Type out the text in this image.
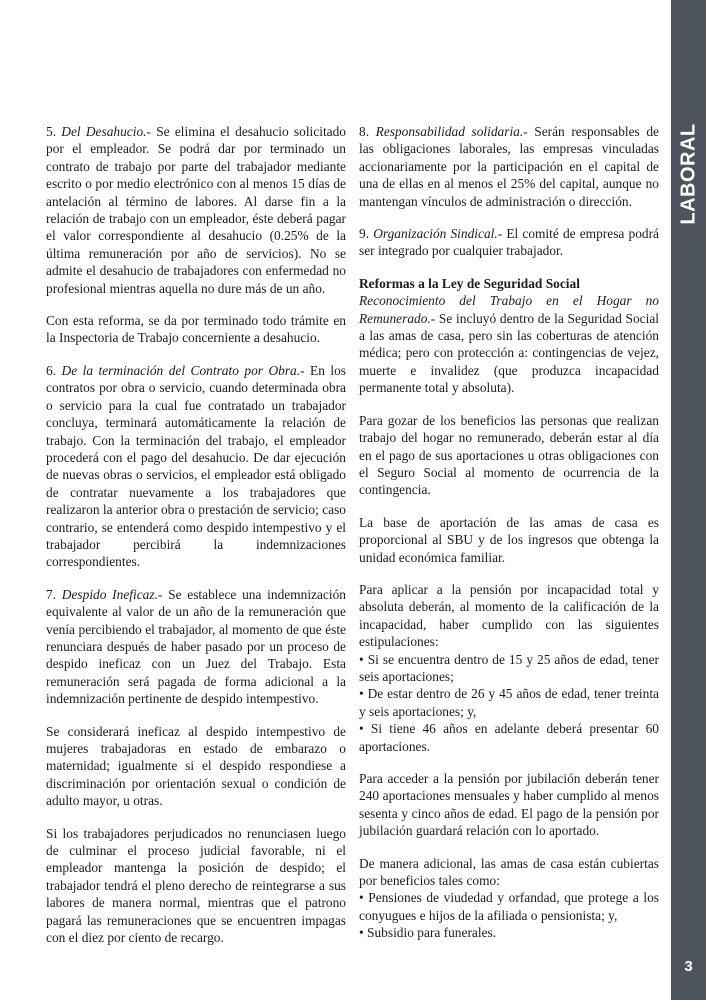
LABORAL
3

5. Del Desahucio.- Se elimina el desahucio solicitado por el empleador. Se podrá dar por terminado un contrato de trabajo por parte del trabajador mediante escrito o por medio electrónico con al menos 15 días de antelación al término de labores. Al darse fin a la relación de trabajo con un empleador, éste deberá pagar el valor correspondiente al desahucio (0.25% de la última remuneración por año de servicios). No se admite el desahucio de trabajadores con enfermedad no profesional mientras aquella no dure más de un año.

Con esta reforma, se da por terminado todo trámite en la Inspectoria de Trabajo concerniente a desahucio.

6. De la terminación del Contrato por Obra.- En los contratos por obra o servicio, cuando determinada obra o servicio para la cual fue contratado un trabajador concluya, terminará automáticamente la relación de trabajo. Con la terminación del trabajo, el empleador procederá con el pago del desahucio. De dar ejecución de nuevas obras o servicios, el empleador está obligado de contratar nuevamente a los trabajadores que realizaron la anterior obra o prestación de servicio; caso contrario, se entenderá como despido intempestivo y el trabajador percibirá la indemnizaciones correspondientes.

7. Despido Ineficaz.- Se establece una indemnización equivalente al valor de un año de la remuneración que venía percibiendo el trabajador, al momento de que éste renunciara después de haber pasado por un proceso de despido ineficaz con un Juez del Trabajo. Esta remuneración será pagada de forma adicional a la indemnización pertinente de despido intempestivo.

Se considerará ineficaz al despido intempestivo de mujeres trabajadoras en estado de embarazo o maternidad; igualmente si el despido respondiese a discriminación por orientación sexual o condición de adulto mayor, u otras.

Si los trabajadores perjudicados no renunciasen luego de culminar el proceso judicial favorable, ni el empleador mantenga la posición de despido; el trabajador tendrá el pleno derecho de reintegrarse a sus labores de manera normal, mientras que el patrono pagará las remuneraciones que se encuentren impagas con el diez por ciento de recargo.

8. Responsabilidad solidaria.- Serán responsables de las obligaciones laborales, las empresas vinculadas accionariamente por la participación en el capital de una de ellas en al menos el 25% del capital, aunque no mantengan vínculos de administración o dirección.

9. Organización Sindical.- El comité de empresa podrá ser integrado por cualquier trabajador.

Reformas a la Ley de Seguridad Social

Reconocimiento del Trabajo en el Hogar no Remunerado.- Se incluyó dentro de la Seguridad Social a las amas de casa, pero sin las coberturas de atención médica; pero con protección a: contingencias de vejez, muerte e invalidez (que produzca incapacidad permanente total y absoluta).

Para gozar de los beneficios las personas que realizan trabajo del hogar no remunerado, deberán estar al día en el pago de sus aportaciones u otras obligaciones con el Seguro Social al momento de ocurrencia de la contingencia.

La base de aportación de las amas de casa es proporcional al SBU y de los ingresos que obtenga la unidad económica familiar.

Para aplicar a la pensión por incapacidad total y absoluta deberán, al momento de la calificación de la incapacidad, haber cumplido con las siguientes estipulaciones:

• Si se encuentra dentro de 15 y 25 años de edad, tener seis aportaciones;

• De estar dentro de 26 y 45 años de edad, tener treinta y seis aportaciones; y,

• Si tiene 46 años en adelante deberá presentar 60 aportaciones.

Para acceder a la pensión por jubilación deberán tener 240 aportaciones mensuales y haber cumplido al menos sesenta y cinco años de edad. El pago de la pensión por jubilación guardará relación con lo aportado.

De manera adicional, las amas de casa están cubiertas por beneficios tales como:

• Pensiones de viudedad y orfandad, que protege a los conyugues e hijos de la afiliada o pensionista; y,

• Subsidio para funerales.
